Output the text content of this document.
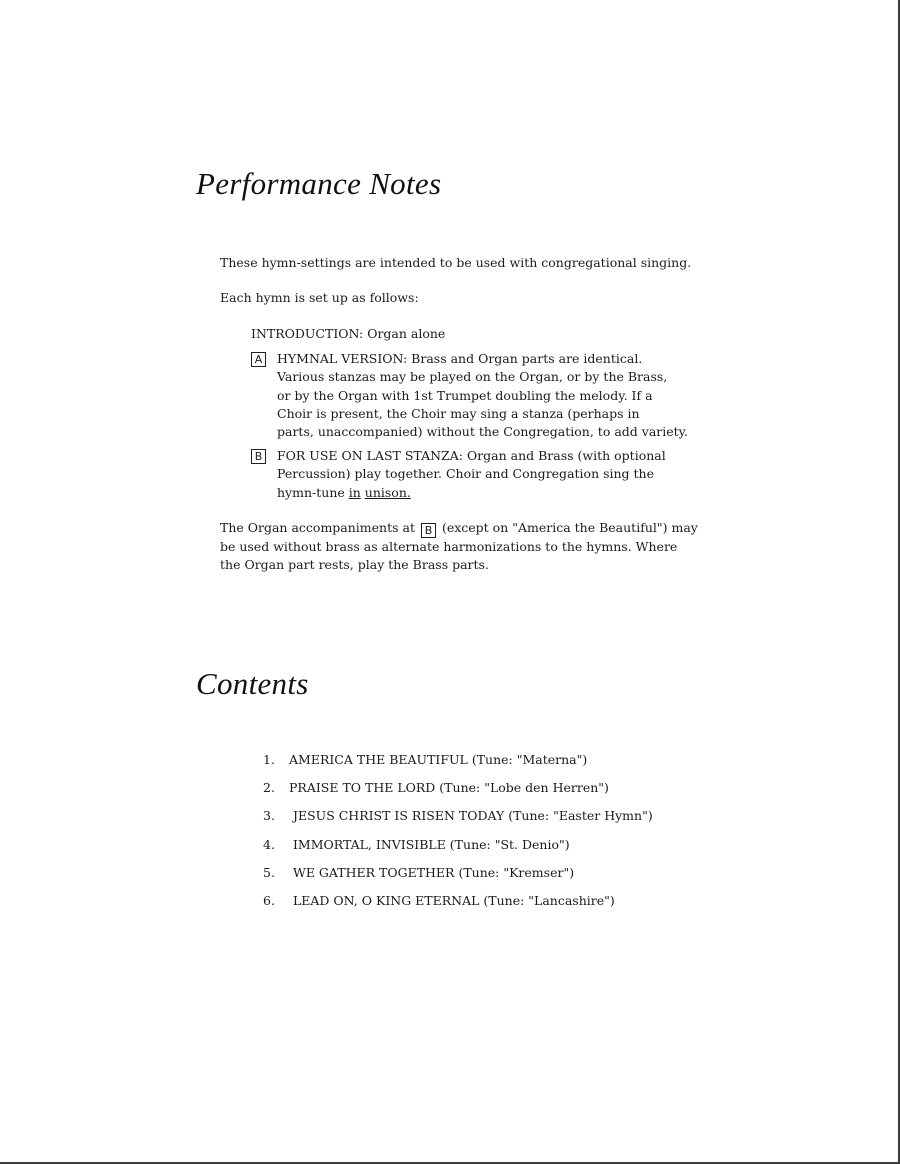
Performance Notes
These hymn-settings are intended to be used with congregational singing.
Each hymn is set up as follows:
INTRODUCTION: Organ alone
A HYMNAL VERSION: Brass and Organ parts are identical.
Various stanzas may be played on the Organ, or by the Brass,
or by the Organ with 1st Trumpet doubling the melody. If a
Choir is present, the Choir may sing a stanza (perhaps in
parts, unaccompanied) without the Congregation, to add variety.
B FOR USE ON LAST STANZA: Organ and Brass (with optional
Percussion) play together. Choir and Congregation sing the
hymn-tune in unison.
The Organ accompaniments at B (except on "America the Beautiful") may
be used without brass as alternate harmonizations to the hymns. Where
the Organ part rests, play the Brass parts.
Contents
1. AMERICA THE BEAUTIFUL (Tune: "Materna")
2. PRAISE TO THE LORD (Tune: "Lobe den Herren")
3. JESUS CHRIST IS RISEN TODAY (Tune: "Easter Hymn")
4. IMMORTAL, INVISIBLE (Tune: "St. Denio")
5. WE GATHER TOGETHER (Tune: "Kremser")
6. LEAD ON, O KING ETERNAL (Tune: "Lancashire")
